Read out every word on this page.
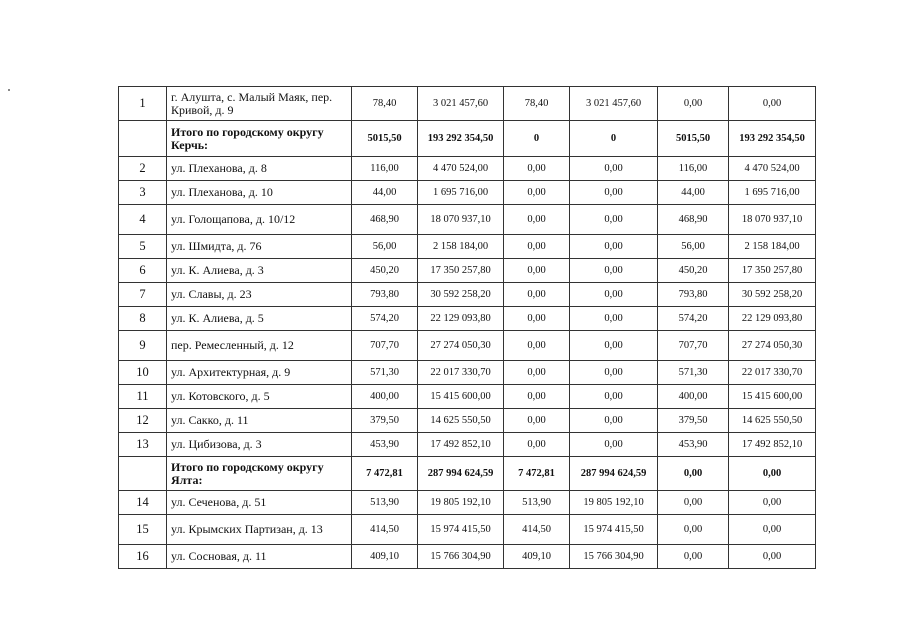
1	г. Алушта, с. Малый Маяк, пер. Кривой, д. 9	78,40	3 021 457,60	78,40	3 021 457,60	0,00	0,00
	Итого по городскому округу Керчь:	5015,50	193 292 354,50	0	0	5015,50	193 292 354,50
2	ул. Плеханова, д. 8	116,00	4 470 524,00	0,00	0,00	116,00	4 470 524,00
3	ул. Плеханова, д. 10	44,00	1 695 716,00	0,00	0,00	44,00	1 695 716,00
4	ул. Голощапова, д. 10/12	468,90	18 070 937,10	0,00	0,00	468,90	18 070 937,10
5	ул. Шмидта, д. 76	56,00	2 158 184,00	0,00	0,00	56,00	2 158 184,00
6	ул. К. Алиева, д. 3	450,20	17 350 257,80	0,00	0,00	450,20	17 350 257,80
7	ул. Славы, д. 23	793,80	30 592 258,20	0,00	0,00	793,80	30 592 258,20
8	ул. К. Алиева, д. 5	574,20	22 129 093,80	0,00	0,00	574,20	22 129 093,80
9	пер. Ремесленный, д. 12	707,70	27 274 050,30	0,00	0,00	707,70	27 274 050,30
10	ул. Архитектурная, д. 9	571,30	22 017 330,70	0,00	0,00	571,30	22 017 330,70
11	ул. Котовского, д. 5	400,00	15 415 600,00	0,00	0,00	400,00	15 415 600,00
12	ул. Сакко, д. 11	379,50	14 625 550,50	0,00	0,00	379,50	14 625 550,50
13	ул. Цибизова, д. 3	453,90	17 492 852,10	0,00	0,00	453,90	17 492 852,10
	Итого по городскому округу Ялта:	7 472,81	287 994 624,59	7 472,81	287 994 624,59	0,00	0,00
14	ул. Сеченова, д. 51	513,90	19 805 192,10	513,90	19 805 192,10	0,00	0,00
15	ул. Крымских Партизан, д. 13	414,50	15 974 415,50	414,50	15 974 415,50	0,00	0,00
16	ул. Сосновая, д. 11	409,10	15 766 304,90	409,10	15 766 304,90	0,00	0,00
